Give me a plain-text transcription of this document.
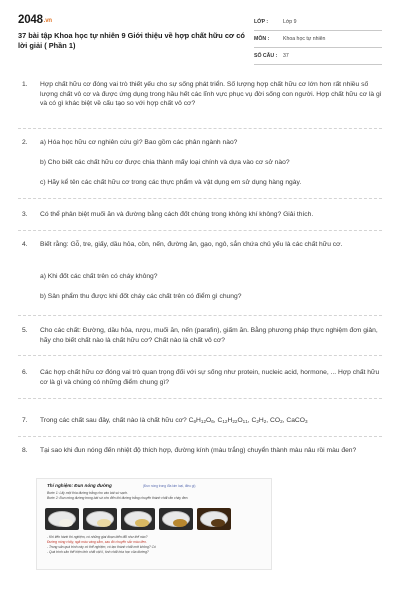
2048.vn
37 bài tập Khoa học tự nhiên 9 Giới thiệu về hợp chất hữu cơ có lời giải ( Phần 1)
LỚP :	Lớp 9
MÔN :	Khoa học tự nhiên
SỐ CÂU :	37
1. Hợp chất hữu cơ đóng vai trò thiết yếu cho sự sống phát triển. Số lượng hợp chất hữu cơ lớn hơn rất nhiều số lượng chất vô cơ và được ứng dụng trong hầu hết các lĩnh vực phục vụ đời sống con người. Hợp chất hữu cơ là gì và có gì khác biệt về cấu tạo so với hợp chất vô cơ?
2. a) Hóa học hữu cơ nghiên cứu gì? Bao gồm các phân ngành nào?
b) Cho biết các chất hữu cơ được chia thành mấy loại chính và dựa vào cơ sở nào?
c) Hãy kể tên các chất hữu cơ trong các thực phẩm và vật dụng em sử dụng hàng ngày.
3. Có thể phân biệt muối ăn và đường bằng cách đốt chúng trong không khí không? Giải thích.
4. Biết rằng: Gỗ, tre, giấy, dầu hỏa, cồn, nến, đường ăn, gạo, ngô, sắn chứa chủ yếu là các chất hữu cơ.
a) Khi đốt các chất trên có cháy không?
b) Sản phẩm thu được khi đốt cháy các chất trên có điểm gì chung?
5. Cho các chất: Đường, dầu hỏa, rượu, muối ăn, nến (parafin), giấm ăn. Bằng phương pháp thực nghiệm đơn giản, hãy cho biết chất nào là chất hữu cơ? Chất nào là chất vô cơ?
6. Các hợp chất hữu cơ đóng vai trò quan trọng đối với sự sống như protein, nucleic acid, hormone, ... Hợp chất hữu cơ là gì và chúng có những điểm chung gì?
7. Trong các chất sau đây, chất nào là chất hữu cơ? $C_6H_{12}O_6$, $C_{12}H_{22}O_{11}$, $C_2H_2$, $CO_2$, CaCO$_3$
8. Tại sao khi đun nóng đến nhiệt độ thích hợp, đường kính (màu trắng) chuyển thành màu nâu rồi màu đen?
Thí nghiệm: Đun nóng đường	(Đun nóng trong đĩa kim loại, điều gì)
Bước 1: Lấy một thìa đường trắng cho vào bát sứ sạch.
Bước 2: Đun nóng đường trong bát sứ cho đến khi đường trắng chuyển thành chất rắn cháy đen.
- Khi tiến hành thí nghiệm, có những giai đoạn biến đổi như thế nào?
Đường nóng chảy, ngả màu vàng sẫm, sau đó chuyển sắc màu đen.
- Trong sản quá trình này có thể nghiệm, có tạo thành chất mới không? Có
- Quá trình sản thể hiện tính chất vật lí, tính chất hóa học của đường?
